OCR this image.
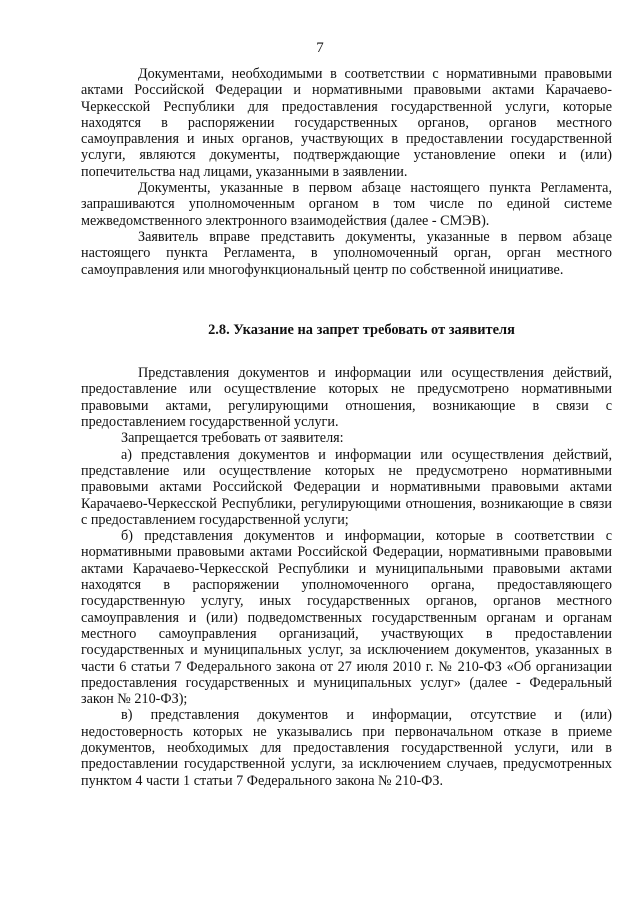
7

Документами, необходимыми в соответствии с нормативными правовыми актами Российской Федерации и нормативными правовыми актами Карачаево-Черкесской Республики для предоставления государственной услуги, которые находятся в распоряжении государственных органов, органов местного самоуправления и иных органов, участвующих в предоставлении государственной услуги, являются документы, подтверждающие установление опеки и (или) попечительства над лицами, указанными в заявлении.

Документы, указанные в первом абзаце настоящего пункта Регламента, запрашиваются уполномоченным органом в том числе по единой системе межведомственного электронного взаимодействия (далее - СМЭВ).

Заявитель вправе представить документы, указанные в первом абзаце настоящего пункта Регламента, в уполномоченный орган, орган местного самоуправления или многофункциональный центр по собственной инициативе.

2.8. Указание на запрет требовать от заявителя

Представления документов и информации или осуществления действий, предоставление или осуществление которых не предусмотрено нормативными правовыми актами, регулирующими отношения, возникающие в связи с предоставлением государственной услуги.

Запрещается требовать от заявителя:

а) представления документов и информации или осуществления действий, представление или осуществление которых не предусмотрено нормативными правовыми актами Российской Федерации и нормативными правовыми актами Карачаево-Черкесской Республики, регулирующими отношения, возникающие в связи с предоставлением государственной услуги;

б) представления документов и информации, которые в соответствии с нормативными правовыми актами Российской Федерации, нормативными правовыми актами Карачаево-Черкесской Республики и муниципальными правовыми актами находятся в распоряжении уполномоченного органа, предоставляющего государственную услугу, иных государственных органов, органов местного самоуправления и (или) подведомственных государственным органам и органам местного самоуправления организаций, участвующих в предоставлении государственных и муниципальных услуг, за исключением документов, указанных в части 6 статьи 7 Федерального закона от 27 июля 2010 г. № 210-ФЗ «Об организации предоставления государственных и муниципальных услуг» (далее - Федеральный закон № 210-ФЗ);

в) представления документов и информации, отсутствие и (или) недостоверность которых не указывались при первоначальном отказе в приеме документов, необходимых для предоставления государственной услуги, или в предоставлении государственной услуги, за исключением случаев, предусмотренных пунктом 4 части 1 статьи 7 Федерального закона № 210-ФЗ.
